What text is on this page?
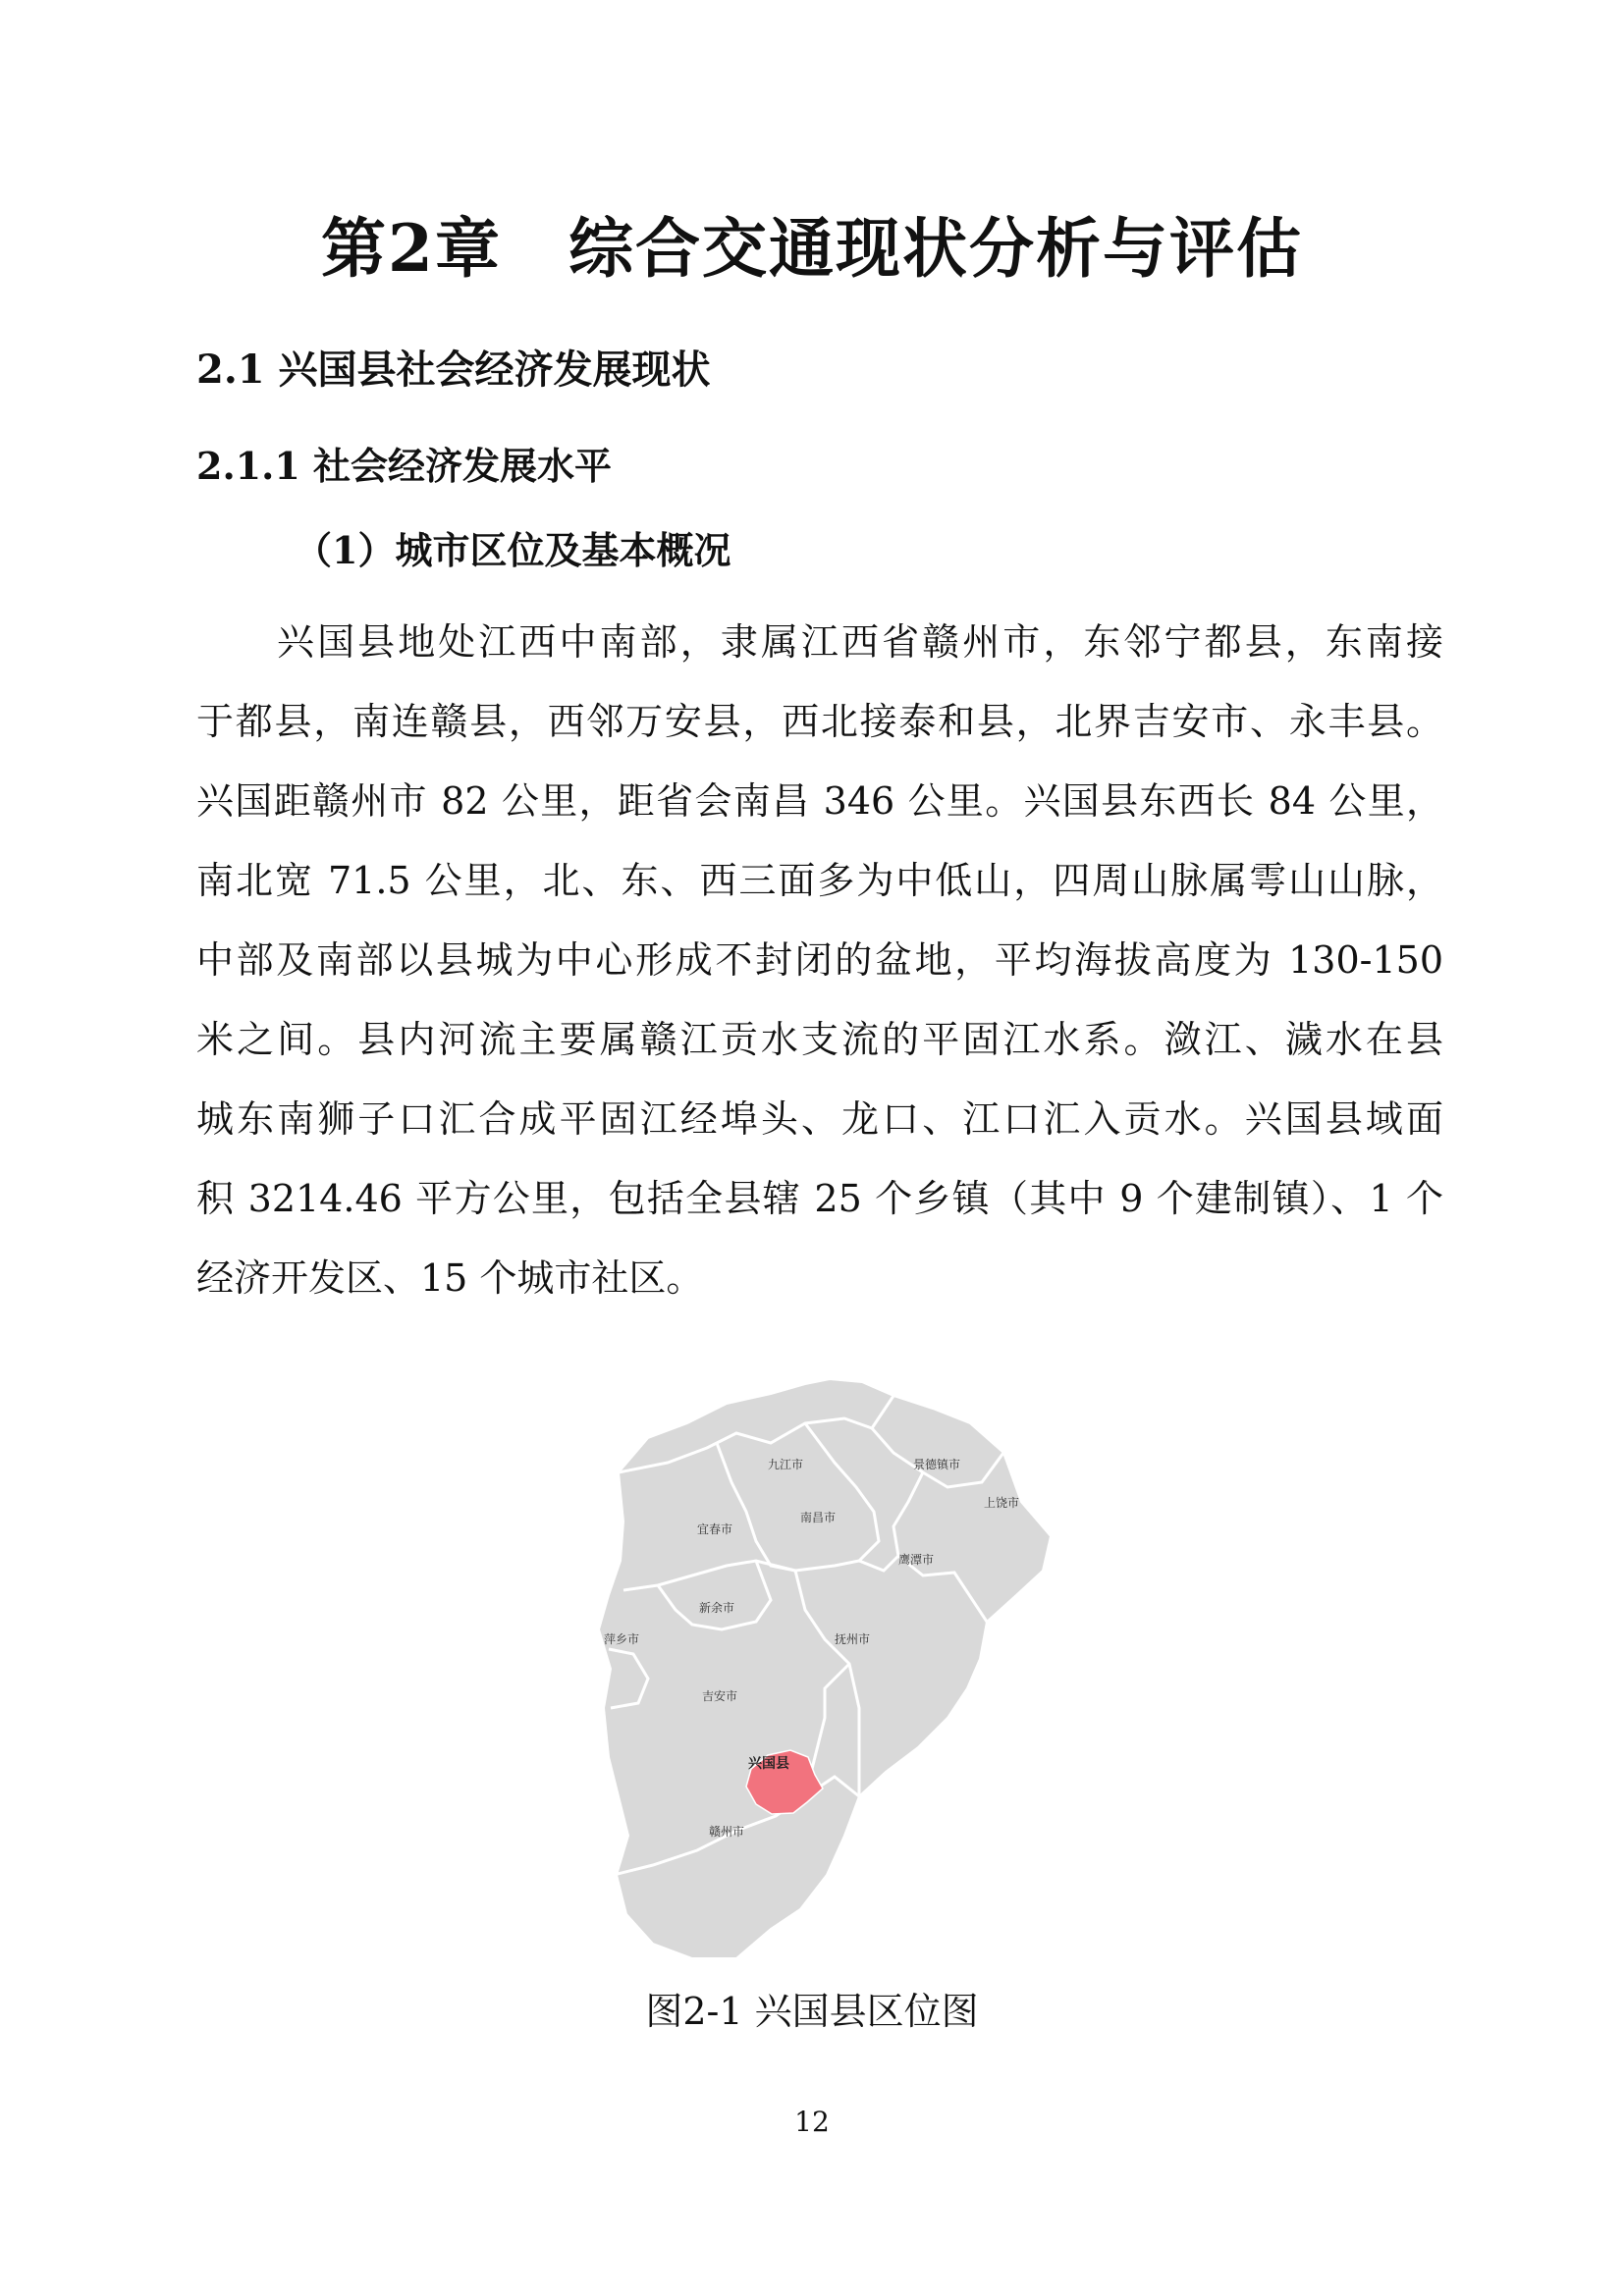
第2章　综合交通现状分析与评估
2.1 兴国县社会经济发展现状
2.1.1 社会经济发展水平
（1）城市区位及基本概况
兴国县地处江西中南部，隶属江西省赣州市，东邻宁都县，东南接
于都县，南连赣县，西邻万安县，西北接泰和县，北界吉安市、永丰县。
兴国距赣州市 82 公里，距省会南昌 346 公里。兴国县东西长 84 公里，
南北宽 71.5 公里，北、东、西三面多为中低山，四周山脉属雩山山脉，
中部及南部以县城为中心形成不封闭的盆地，平均海拔高度为 130-150
米之间。县内河流主要属赣江贡水支流的平固江水系。潋江、濊水在县
城东南狮子口汇合成平固江经埠头、龙口、江口汇入贡水。兴国县域面
积 3214.46 平方公里，包括全县辖 25 个乡镇（其中 9 个建制镇）、1 个
经济开发区、15 个城市社区。
九江市	景德镇市
上饶市
南昌市
宜春市
鹰潭市
新余市
萍乡市	抚州市
吉安市
兴国县
赣州市
图2-1 兴国县区位图
12
